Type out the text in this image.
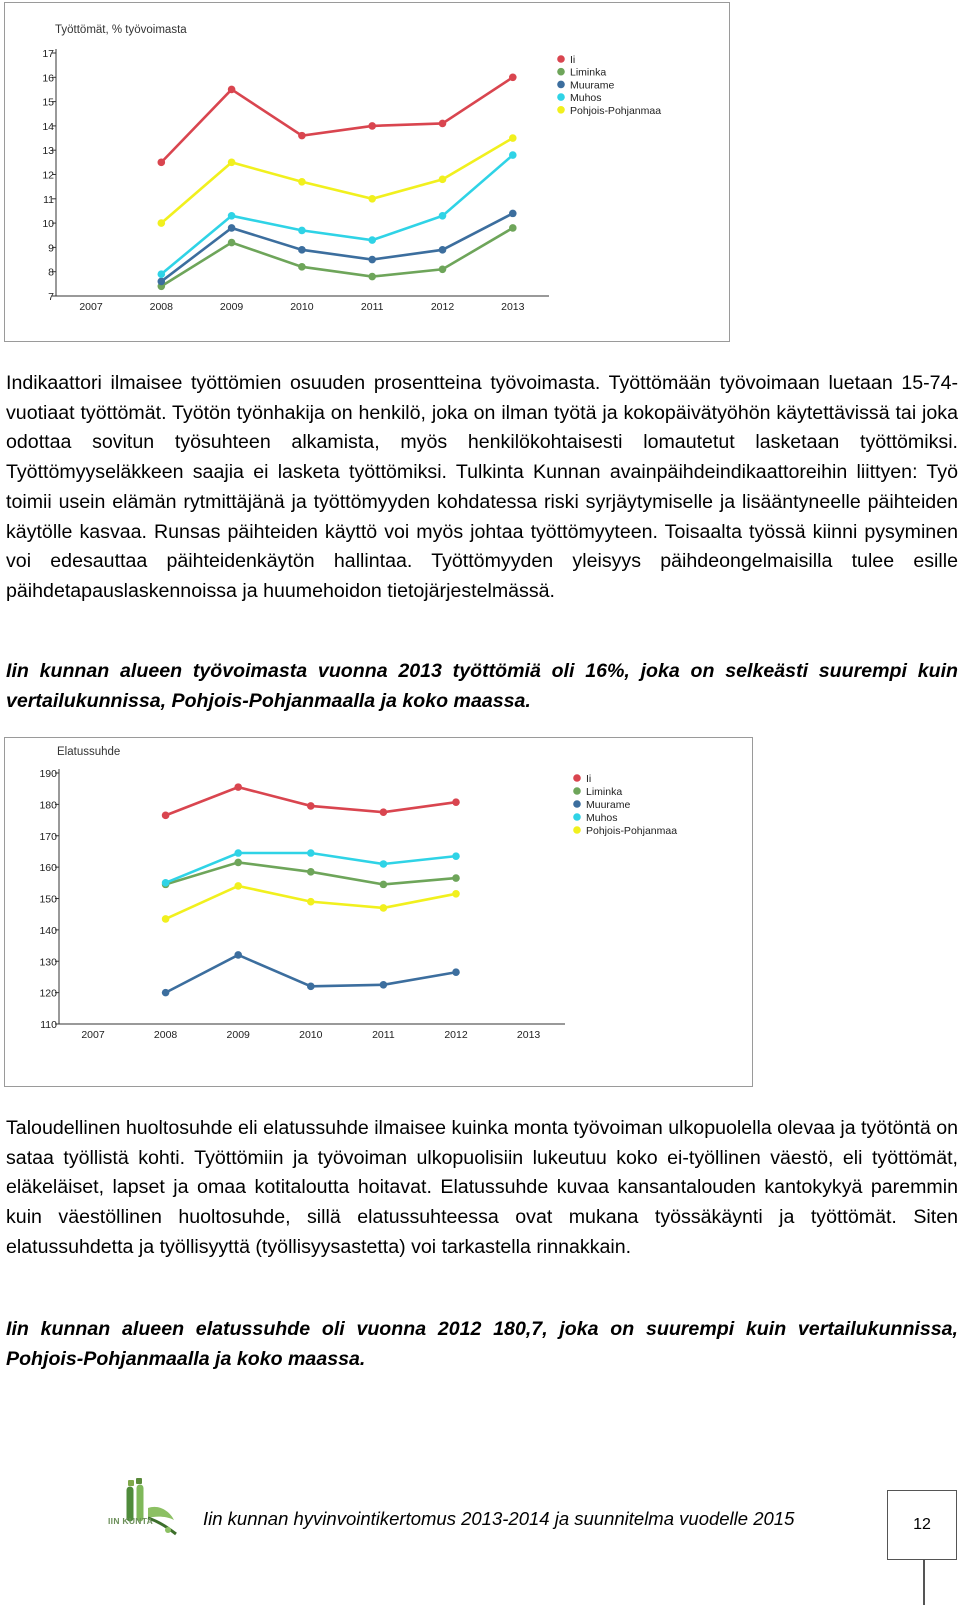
Työttömät, % työvoimasta
7
8
9
10
11
12
13
14
15
16
17
2007	2008	2009	2010	2011	2012	2013
Ii
Liminka
Muurame
Muhos
Pohjois-Pohjanmaa

Indikaattori ilmaisee työttömien osuuden prosentteina työvoimasta. Työttömään työvoimaan luetaan 15-74-vuotiaat työttömät. Työtön työnhakija on henkilö, joka on ilman työtä ja kokopäivätyöhön käytettävissä tai joka odottaa sovitun työsuhteen alkamista, myös henkilökohtaisesti lomautetut lasketaan työttömiksi. Työttömyyseläkkeen saajia ei lasketa työttömiksi. Tulkinta Kunnan avainpäihdeindikaattoreihin liittyen: Työ toimii usein elämän rytmittäjänä ja työttömyyden kohdatessa riski syrjäytymiselle ja lisääntyneelle päihteiden käytölle kasvaa. Runsas päihteiden käyttö voi myös johtaa työttömyyteen. Toisaalta työssä kiinni pysyminen voi edesauttaa päihteidenkäytön hallintaa. Työttömyyden yleisyys päihdeongelmaisilla tulee esille päihdetapauslaskennoissa ja huumehoidon tietojärjestelmässä.

Iin kunnan alueen työvoimasta vuonna 2013 työttömiä oli 16%, joka on selkeästi suurempi kuin vertailukunnissa, Pohjois-Pohjanmaalla ja koko maassa.

Elatussuhde
110
120
130
140
150
160
170
180
190
2007	2008	2009	2010	2011	2012	2013
Ii
Liminka
Muurame
Muhos
Pohjois-Pohjanmaa

Taloudellinen huoltosuhde eli elatussuhde ilmaisee kuinka monta työvoiman ulkopuolella olevaa ja työtöntä on sataa työllistä kohti. Työttömiin ja työvoiman ulkopuolisiin lukeutuu koko ei-työllinen väestö, eli työttömät, eläkeläiset, lapset ja omaa kotitaloutta hoitavat. Elatussuhde kuvaa kansantalouden kantokykyä paremmin kuin väestöllinen huoltosuhde, sillä elatussuhteessa ovat mukana työssäkäynti ja työttömät. Siten elatussuhdetta ja työllisyyttä (työllisyysastetta) voi tarkastella rinnakkain.

Iin kunnan alueen elatussuhde oli vuonna 2012 180,7, joka on suurempi kuin vertailukunnissa, Pohjois-Pohjanmaalla ja koko maassa.

IIN KUNTA	Iin kunnan hyvinvointikertomus 2013-2014 ja suunnitelma vuodelle 2015	12
